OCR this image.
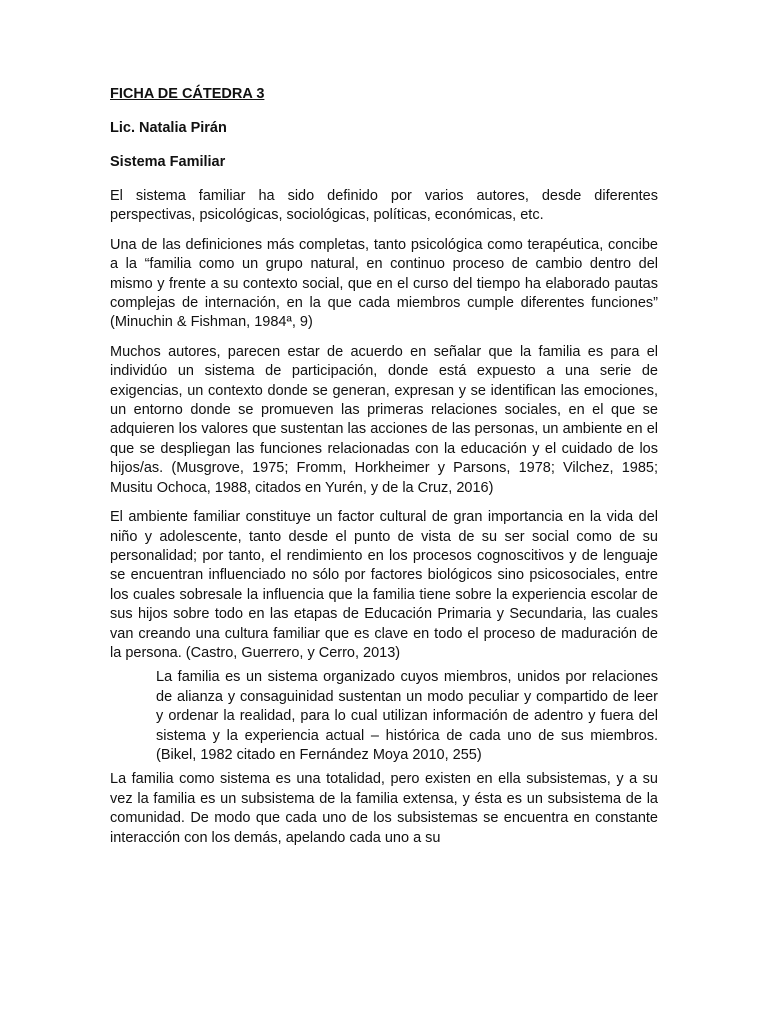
FICHA DE CÁTEDRA 3

Lic. Natalia Pirán

Sistema Familiar

El sistema familiar ha sido definido por varios autores, desde diferentes perspectivas, psicológicas, sociológicas, políticas, económicas, etc.

Una de las definiciones más completas, tanto psicológica como terapéutica, concibe a la “familia como un grupo natural, en continuo proceso de cambio dentro del mismo y frente a su contexto social, que en el curso del tiempo ha elaborado pautas complejas de internación, en la que cada miembros cumple diferentes funciones” (Minuchin & Fishman, 1984ª, 9)

Muchos autores, parecen estar de acuerdo en señalar que la familia es para el individúo un sistema de participación, donde está expuesto a una serie de exigencias, un contexto donde se generan, expresan y se identifican las emociones, un entorno donde se promueven las primeras relaciones sociales, en el que se adquieren los valores que sustentan las acciones de las personas, un ambiente en el que se despliegan las funciones relacionadas con la educación y el cuidado de los hijos/as. (Musgrove, 1975; Fromm, Horkheimer y Parsons, 1978; Vilchez, 1985; Musitu Ochoca, 1988, citados en Yurén, y de la Cruz, 2016)

El ambiente familiar constituye un factor cultural de gran importancia en la vida del niño y adolescente, tanto desde el punto de vista de su ser social como de su personalidad; por tanto, el rendimiento en los procesos cognoscitivos y de lenguaje se encuentran influenciado no sólo por factores biológicos sino psicosociales, entre los cuales sobresale la influencia que la familia tiene sobre la experiencia escolar de sus hijos sobre todo en las etapas de Educación Primaria y Secundaria, las cuales van creando una cultura familiar que es clave en todo el proceso de maduración de la persona. (Castro, Guerrero, y Cerro, 2013)

La familia es un sistema organizado cuyos miembros, unidos por relaciones de alianza y consaguinidad sustentan un modo peculiar y compartido de leer y ordenar la realidad, para lo cual utilizan información de adentro y fuera del sistema y la experiencia actual – histórica de cada uno de sus miembros. (Bikel, 1982 citado en Fernández Moya 2010, 255)

La familia como sistema es una totalidad, pero existen en ella subsistemas, y a su vez la familia es un subsistema de la familia extensa, y ésta es un subsistema de la comunidad. De modo que cada uno de los subsistemas se encuentra en constante interacción con los demás, apelando cada uno a su
